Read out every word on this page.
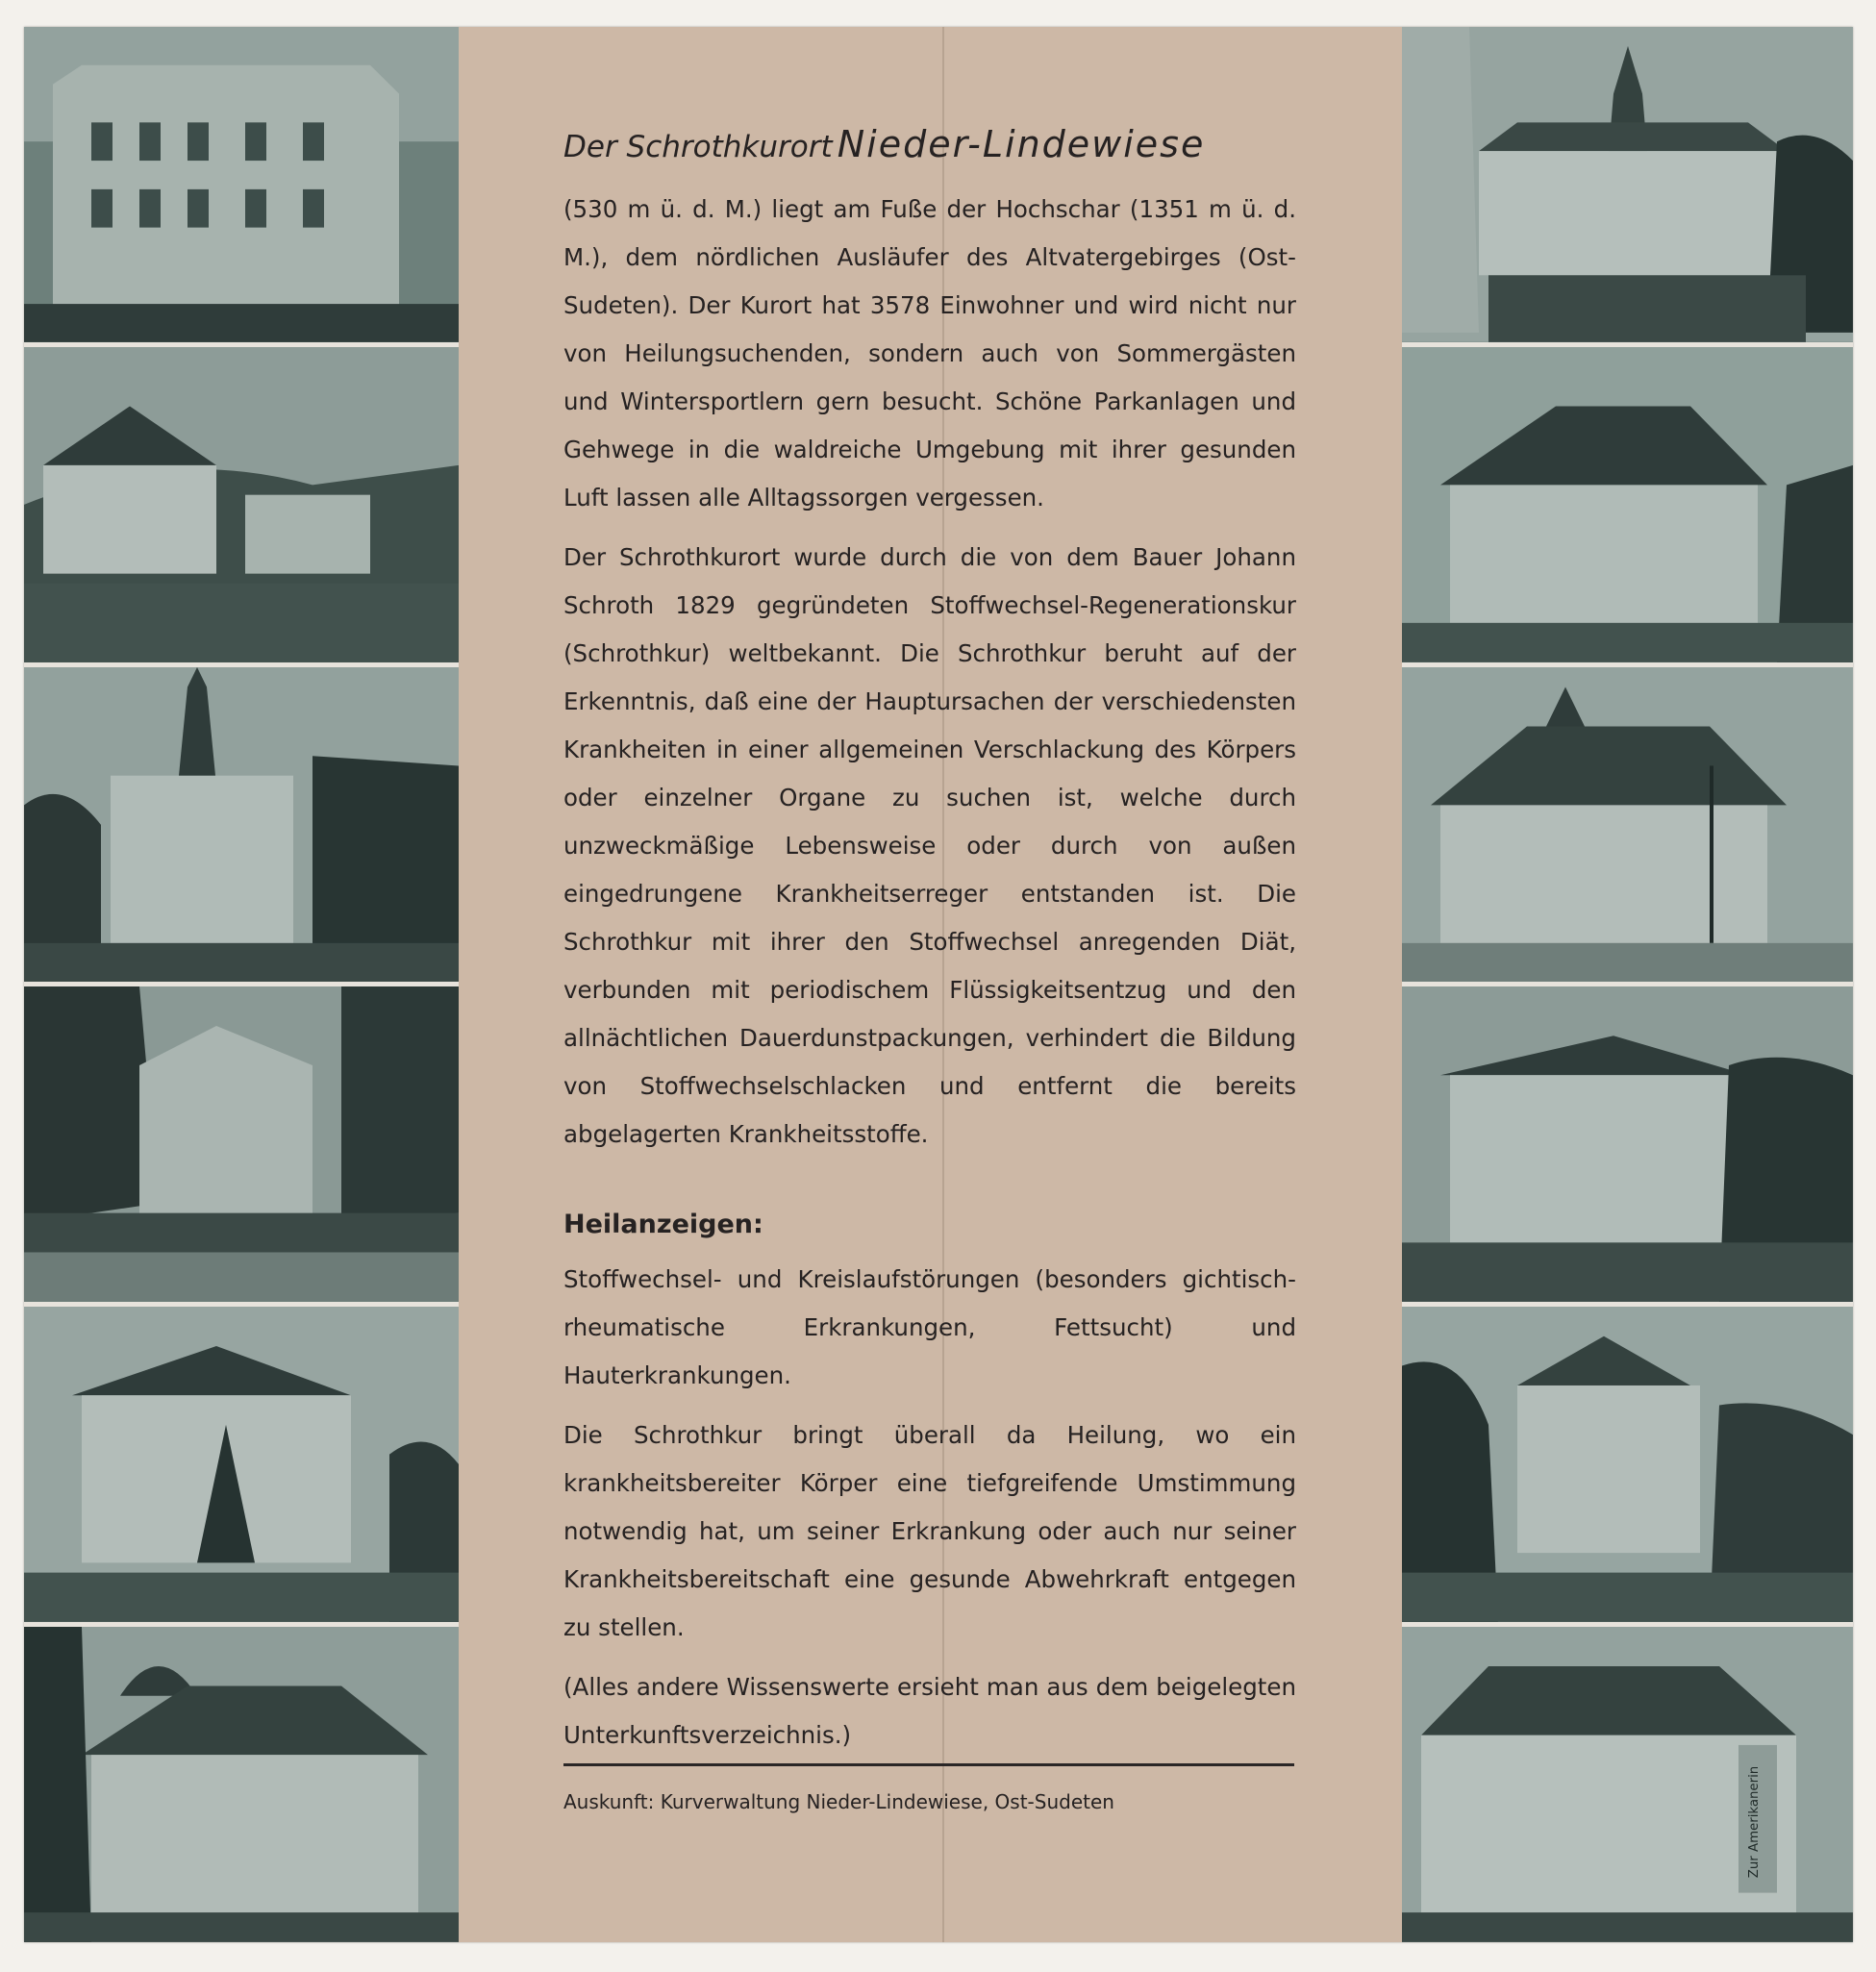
Der Schrothkurort Nieder-Lindewiese

(530 m ü. d. M.) liegt am Fuße der Hochschar (1351 m ü. d. M.), dem nördlichen Ausläufer des Altvatergebirges (Ost-Sudeten). Der Kurort hat 3578 Einwohner und wird nicht nur von Heilungsuchenden, sondern auch von Sommergästen und Wintersportlern gern besucht. Schöne Parkanlagen und Gehwege in die waldreiche Umgebung mit ihrer gesunden Luft lassen alle Alltagssorgen vergessen.

Der Schrothkurort wurde durch die von dem Bauer Johann Schroth 1829 gegründeten Stoffwechsel-Regenerationskur (Schrothkur) weltbekannt. Die Schrothkur beruht auf der Erkenntnis, daß eine der Hauptursachen der verschiedensten Krankheiten in einer allgemeinen Verschlackung des Körpers oder einzelner Organe zu suchen ist, welche durch unzweckmäßige Lebensweise oder durch von außen eingedrungene Krankheitserreger entstanden ist. Die Schrothkur mit ihrer den Stoffwechsel anregenden Diät, verbunden mit periodischem Flüssigkeitsentzug und den allnächtlichen Dauerdunstpackungen, verhindert die Bildung von Stoffwechselschlacken und entfernt die bereits abgelagerten Krankheitsstoffe.

Heilanzeigen:

Stoffwechsel- und Kreislaufstörungen (besonders gichtisch-rheumatische Erkrankungen, Fettsucht) und Hauterkrankungen.

Die Schrothkur bringt überall da Heilung, wo ein krankheitsbereiter Körper eine tiefgreifende Umstimmung notwendig hat, um seiner Erkrankung oder auch nur seiner Krankheitsbereitschaft eine gesunde Abwehrkraft entgegen zu stellen.

(Alles andere Wissenswerte ersieht man aus dem beigelegten Unterkunftsverzeichnis.)

Auskunft: Kurverwaltung Nieder-Lindewiese, Ost-Sudeten	Zur Amerikanerin
